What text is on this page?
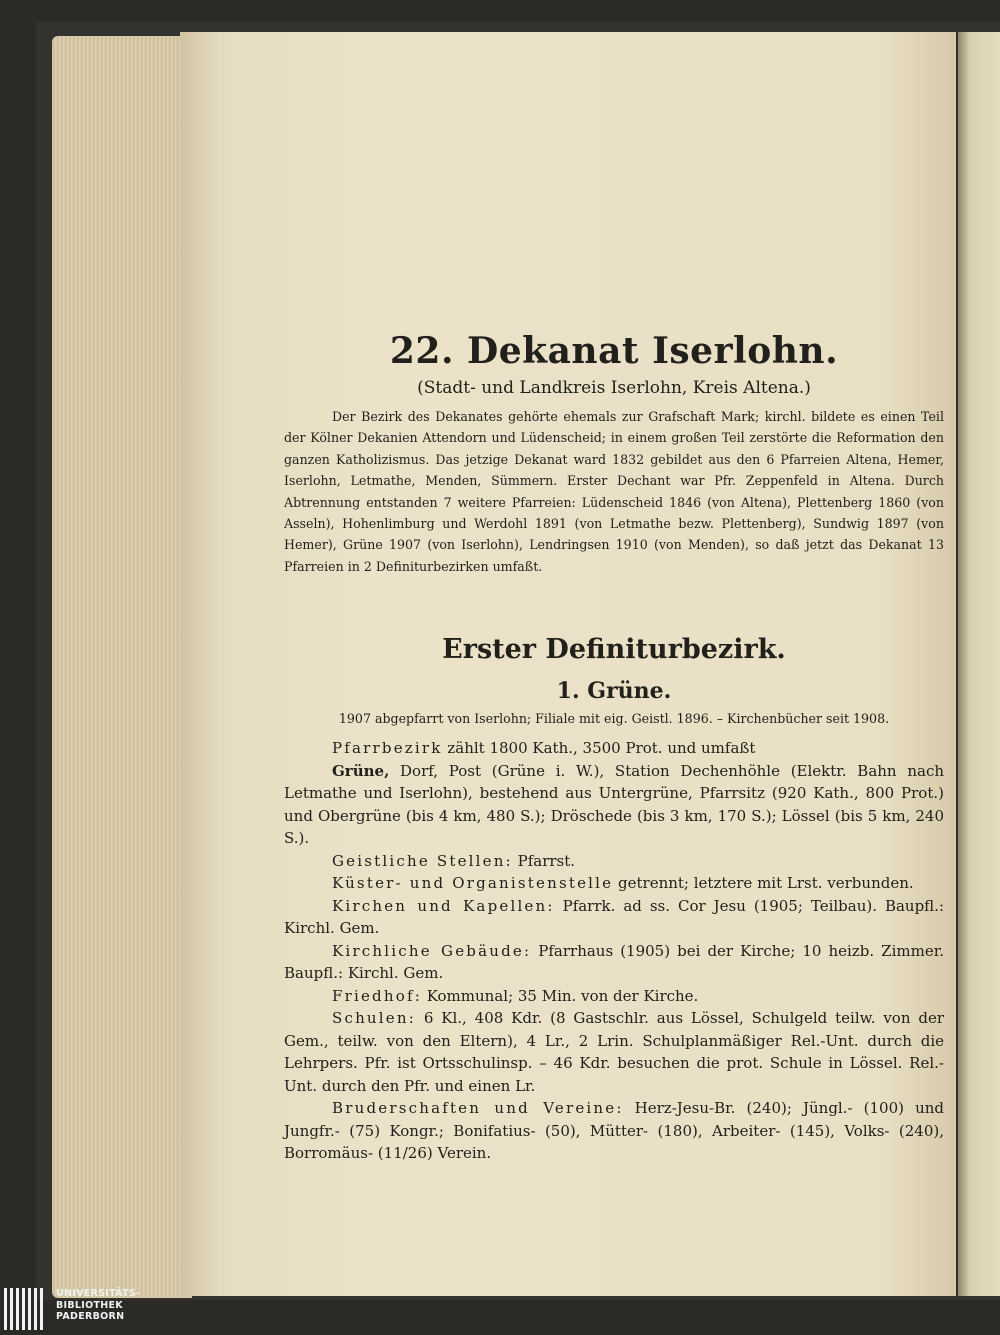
22. Dekanat Iserlohn.
(Stadt- und Landkreis Iserlohn, Kreis Altena.)

Der Bezirk des Dekanates gehörte ehemals zur Grafschaft Mark; kirchl. bildete es einen Teil der Kölner Dekanien Attendorn und Lüdenscheid; in einem großen Teil zerstörte die Reformation den ganzen Katholizismus. Das jetzige Dekanat ward 1832 gebildet aus den 6 Pfarreien Altena, Hemer, Iserlohn, Letmathe, Menden, Sümmern. Erster Dechant war Pfr. Zeppenfeld in Altena. Durch Abtrennung entstanden 7 weitere Pfarreien: Lüdenscheid 1846 (von Altena), Plettenberg 1860 (von Asseln), Hohenlimburg und Werdohl 1891 (von Letmathe bezw. Plettenberg), Sundwig 1897 (von Hemer), Grüne 1907 (von Iserlohn), Lendringsen 1910 (von Menden), so daß jetzt das Dekanat 13 Pfarreien in 2 Definiturbezirken umfaßt.

Erster Definiturbezirk.
1. Grüne.
1907 abgepfarrt von Iserlohn; Filiale mit eig. Geistl. 1896. – Kirchenbücher seit 1908.

Pfarrbezirk zählt 1800 Kath., 3500 Prot. und umfaßt

Grüne, Dorf, Post (Grüne i. W.), Station Dechenhöhle (Elektr. Bahn nach Letmathe und Iserlohn), bestehend aus Untergrüne, Pfarrsitz (920 Kath., 800 Prot.) und Obergrüne (bis 4 km, 480 S.); Dröschede (bis 3 km, 170 S.); Lössel (bis 5 km, 240 S.).

Geistliche Stellen: Pfarrst.

Küster- und Organistenstelle getrennt; letztere mit Lrst. verbunden.

Kirchen und Kapellen: Pfarrk. ad ss. Cor Jesu (1905; Teilbau). Baupfl.: Kirchl. Gem.

Kirchliche Gebäude: Pfarrhaus (1905) bei der Kirche; 10 heizb. Zimmer. Baupfl.: Kirchl. Gem.

Friedhof: Kommunal; 35 Min. von der Kirche.

Schulen: 6 Kl., 408 Kdr. (8 Gastschlr. aus Lössel, Schulgeld teilw. von der Gem., teilw. von den Eltern), 4 Lr., 2 Lrin. Schulplanmäßiger Rel.-Unt. durch die Lehrpers. Pfr. ist Ortsschulinsp. – 46 Kdr. besuchen die prot. Schule in Lössel. Rel.-Unt. durch den Pfr. und einen Lr.

Bruderschaften und Vereine: Herz-Jesu-Br. (240); Jüngl.- (100) und Jungfr.- (75) Kongr.; Bonifatius- (50), Mütter- (180), Arbeiter- (145), Volks- (240), Borromäus- (11/26) Verein.

UNIVERSITÄTS-
BIBLIOTHEK
PADERBORN
